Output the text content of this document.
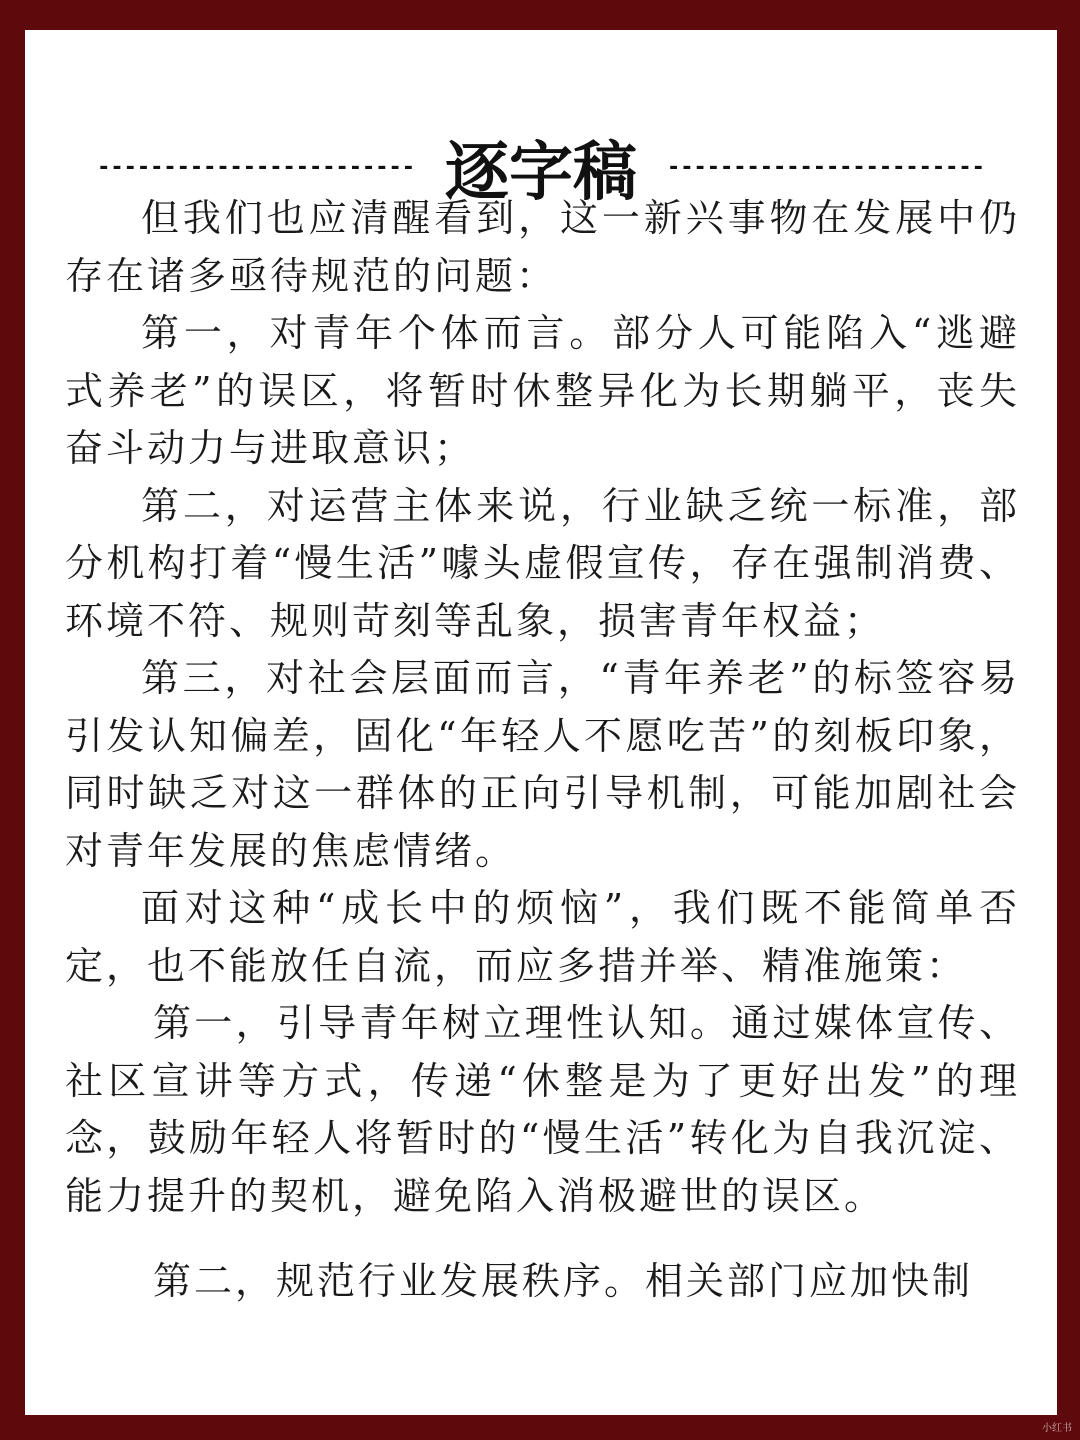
------------------------ 逐字稿 ------------------------

但我们也应清醒看到，这一新兴事物在发展中仍存在诸多亟待规范的问题：

第一，对青年个体而言。部分人可能陷入“逃避式养老”的误区，将暂时休整异化为长期躺平，丧失奋斗动力与进取意识；

第二，对运营主体来说，行业缺乏统一标准，部分机构打着“慢生活”噱头虚假宣传，存在强制消费、环境不符、规则苛刻等乱象，损害青年权益；

第三，对社会层面而言，“青年养老”的标签容易引发认知偏差，固化“年轻人不愿吃苦”的刻板印象，同时缺乏对这一群体的正向引导机制，可能加剧社会对青年发展的焦虑情绪。

面对这种“成长中的烦恼”，我们既不能简单否定，也不能放任自流，而应多措并举、精准施策：

第一，引导青年树立理性认知。通过媒体宣传、社区宣讲等方式，传递“休整是为了更好出发”的理念，鼓励年轻人将暂时的“慢生活”转化为自我沉淀、能力提升的契机，避免陷入消极避世的误区。

第二，规范行业发展秩序。相关部门应加快制

小红书
